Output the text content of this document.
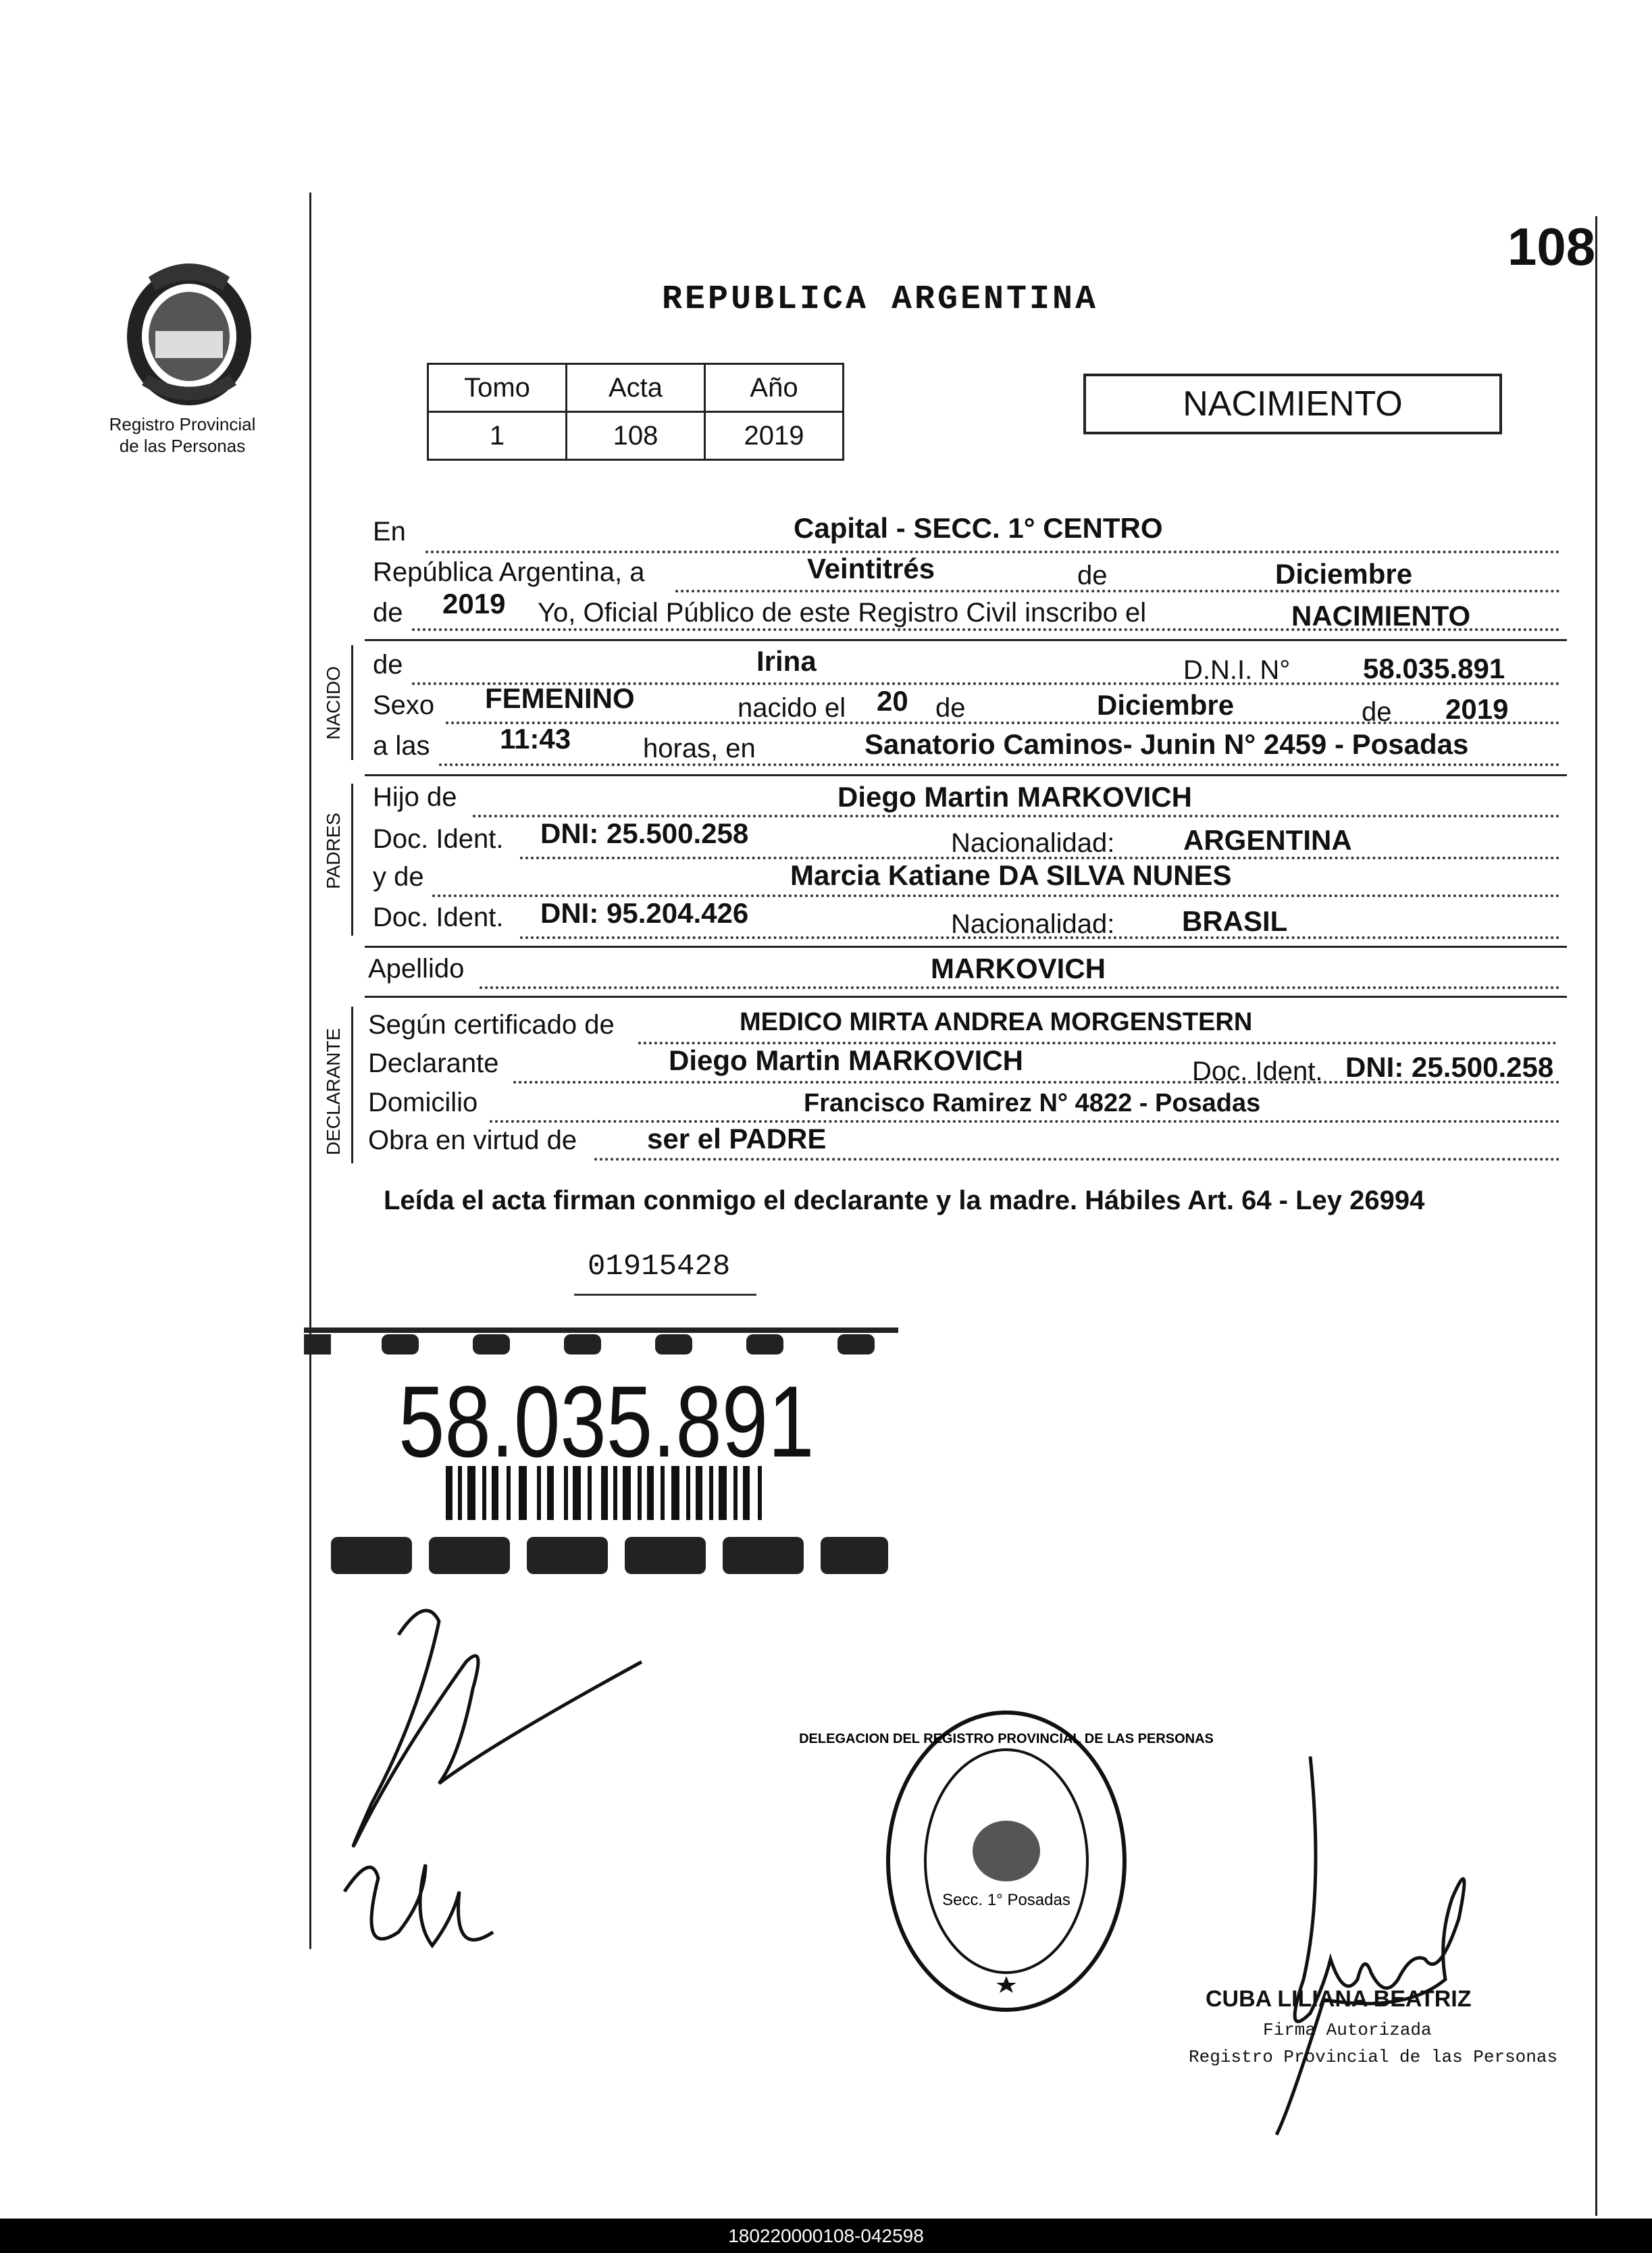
108
REPUBLICA ARGENTINA
Registro Provincial
de las Personas
Tomo	Acta	Año
1	108	2019
NACIMIENTO
En	Capital - SECC. 1° CENTRO
República Argentina, a	Veintitrés	de	Diciembre
de 2019 Yo, Oficial Público de este Registro Civil inscribo el	NACIMIENTO
NACIDO
de	Irina	D.N.I. N°	58.035.891
Sexo FEMENINO	nacido el 20 de	Diciembre	de 2019
a las 11:43	horas, en	Sanatorio Caminos- Junin N° 2459 - Posadas
PADRES
Hijo de	Diego Martin MARKOVICH
Doc. Ident. DNI: 25.500.258	Nacionalidad: ARGENTINA
y de	Marcia Katiane DA SILVA NUNES
Doc. Ident. DNI: 95.204.426	Nacionalidad: BRASIL
Apellido	MARKOVICH
DECLARANTE
Según certificado de	MEDICO MIRTA ANDREA MORGENSTERN
Declarante	Diego Martin MARKOVICH	Doc. Ident. DNI: 25.500.258
Domicilio	Francisco Ramirez N° 4822 - Posadas
Obra en virtud de ser el PADRE
Leída el acta firman conmigo el declarante y la madre. Hábiles Art. 64 - Ley 26994
01915428
58.035.891
Secc. 1° Posadas
DELEGACION DEL REGISTRO PROVINCIAL DE LAS PERSONAS
CUBA LILIANA BEATRIZ
Firma Autorizada
Registro Provincial de las Personas
180220000108-042598
